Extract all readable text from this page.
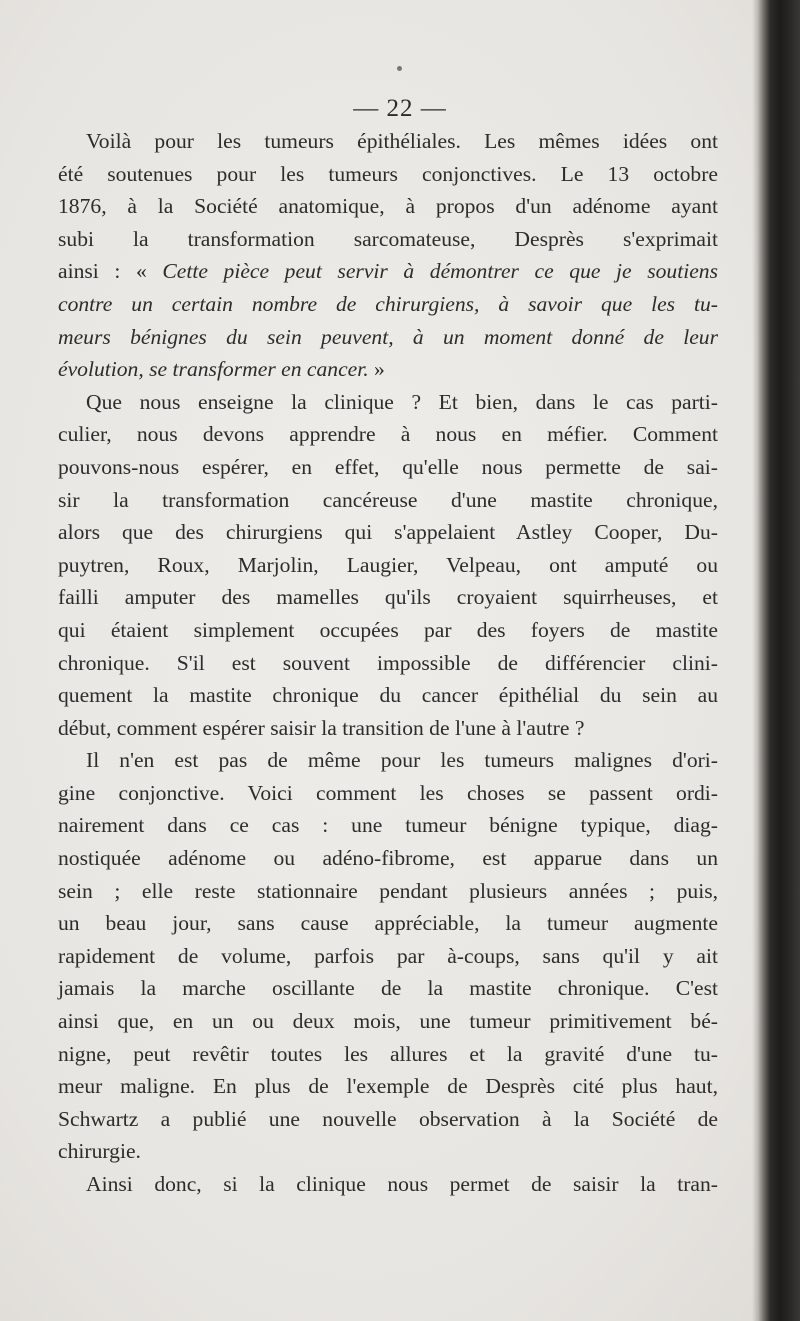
— 22 —
Voilà pour les tumeurs épithéliales. Les mêmes idées ont
été soutenues pour les tumeurs conjonctives. Le 13 octobre
1876, à la Société anatomique, à propos d'un adénome ayant
subi la transformation sarcomateuse, Desprès s'exprimait
ainsi : « Cette pièce peut servir à démontrer ce que je soutiens
contre un certain nombre de chirurgiens, à savoir que les tu-
meurs bénignes du sein peuvent, à un moment donné de leur
évolution, se transformer en cancer. »
Que nous enseigne la clinique ? Et bien, dans le cas parti-
culier, nous devons apprendre à nous en méfier. Comment
pouvons-nous espérer, en effet, qu'elle nous permette de sai-
sir la transformation cancéreuse d'une mastite chronique,
alors que des chirurgiens qui s'appelaient Astley Cooper, Du-
puytren, Roux, Marjolin, Laugier, Velpeau, ont amputé ou
failli amputer des mamelles qu'ils croyaient squirrheuses, et
qui étaient simplement occupées par des foyers de mastite
chronique. S'il est souvent impossible de différencier clini-
quement la mastite chronique du cancer épithélial du sein au
début, comment espérer saisir la transition de l'une à l'autre ?
Il n'en est pas de même pour les tumeurs malignes d'ori-
gine conjonctive. Voici comment les choses se passent ordi-
nairement dans ce cas : une tumeur bénigne typique, diag-
nostiquée adénome ou adéno-fibrome, est apparue dans un
sein ; elle reste stationnaire pendant plusieurs années ; puis,
un beau jour, sans cause appréciable, la tumeur augmente
rapidement de volume, parfois par à-coups, sans qu'il y ait
jamais la marche oscillante de la mastite chronique. C'est
ainsi que, en un ou deux mois, une tumeur primitivement bé-
nigne, peut revêtir toutes les allures et la gravité d'une tu-
meur maligne. En plus de l'exemple de Desprès cité plus haut,
Schwartz a publié une nouvelle observation à la Société de
chirurgie.
Ainsi donc, si la clinique nous permet de saisir la tran-
